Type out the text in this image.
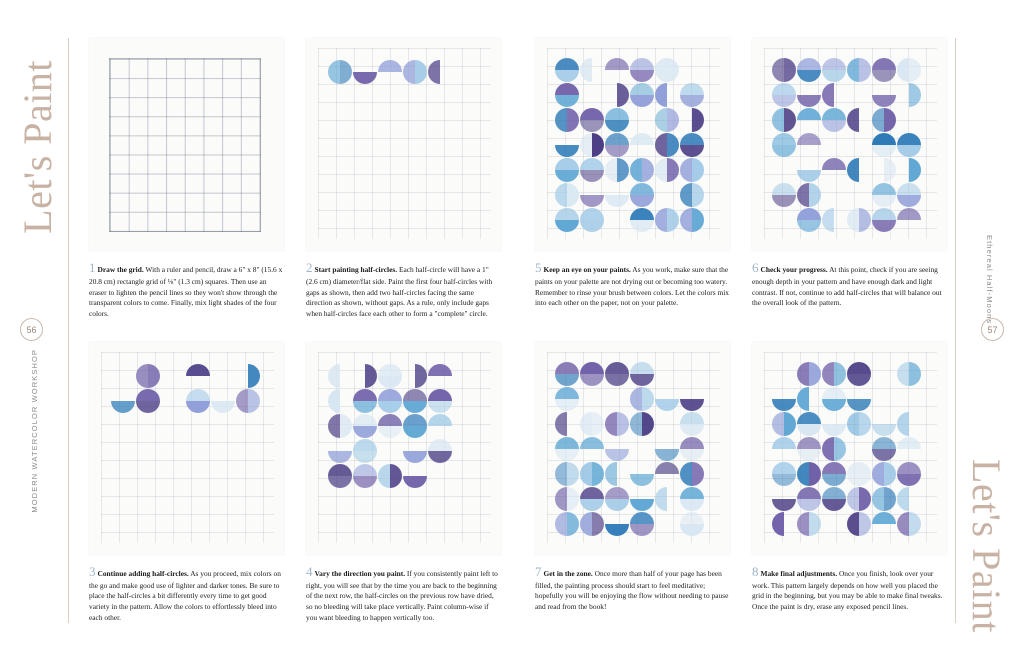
Let's Paint
Let's Paint
MODERN WATERCOLOR WORKSHOP
Ethereal Half-Moons
56	57
1 Draw the grid. With a ruler and pencil, draw a 6" x 8" (15.6 x 20.8 cm) rectangle grid of ⅛" (1.3 cm) squares. Then use an eraser to lighten the pencil lines so they won't show through the transparent colors to come. Finally, mix light shades of the four colors.
2 Start painting half-circles. Each half-circle will have a 1" (2.6 cm) diameter/flat side. Paint the first four half-circles with gaps as shown, then add two half-circles facing the same direction as shown, without gaps. As a rule, only include gaps when half-circles face each other to form a "complete" circle.
5 Keep an eye on your paints. As you work, make sure that the paints on your palette are not drying out or becoming too watery. Remember to rinse your brush between colors. Let the colors mix into each other on the paper, not on your palette.
6 Check your progress. At this point, check if you are seeing enough depth in your pattern and have enough dark and light contrast. If not, continue to add half-circles that will balance out the overall look of the pattern.
3 Continue adding half-circles. As you proceed, mix colors on the go and make good use of lighter and darker tones. Be sure to place the half-circles a bit differently every time to get good variety in the pattern. Allow the colors to effortlessly bleed into each other.
4 Vary the direction you paint. If you consistently paint left to right, you will see that by the time you are back to the beginning of the next row, the half-circles on the previous row have dried, so no bleeding will take place vertically. Paint column-wise if you want bleeding to happen vertically too.
7 Get in the zone. Once more than half of your page has been filled, the painting process should start to feel meditative; hopefully you will be enjoying the flow without needing to pause and read from the book!
8 Make final adjustments. Once you finish, look over your work. This pattern largely depends on how well you placed the grid in the beginning, but you may be able to make final tweaks. Once the paint is dry, erase any exposed pencil lines.
